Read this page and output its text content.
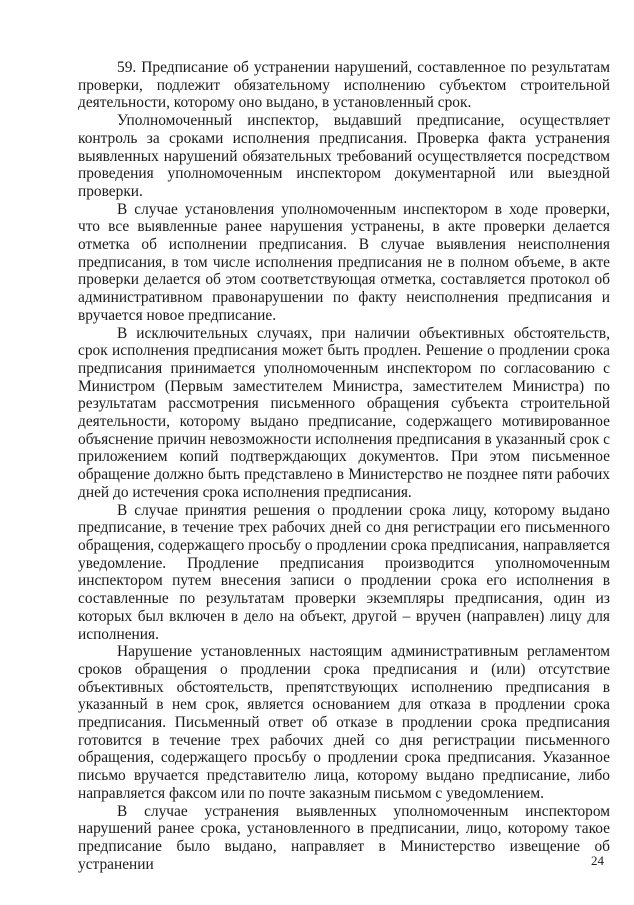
59. Предписание об устранении нарушений, составленное по результатам проверки, подлежит обязательному исполнению субъектом строительной деятельности, которому оно выдано, в установленный срок.

Уполномоченный инспектор, выдавший предписание, осуществляет контроль за сроками исполнения предписания. Проверка факта устранения выявленных нарушений обязательных требований осуществляется посредством проведения уполномоченным инспектором документарной или выездной проверки.

В случае установления уполномоченным инспектором в ходе проверки, что все выявленные ранее нарушения устранены, в акте проверки делается отметка об исполнении предписания. В случае выявления неисполнения предписания, в том числе исполнения предписания не в полном объеме, в акте проверки делается об этом соответствующая отметка, составляется протокол об административном правонарушении по факту неисполнения предписания и вручается новое предписание.

В исключительных случаях, при наличии объективных обстоятельств, срок исполнения предписания может быть продлен. Решение о продлении срока предписания принимается уполномоченным инспектором по согласованию с Министром (Первым заместителем Министра, заместителем Министра) по результатам рассмотрения письменного обращения субъекта строительной деятельности, которому выдано предписание, содержащего мотивированное объяснение причин невозможности исполнения предписания в указанный срок с приложением копий подтверждающих документов. При этом письменное обращение должно быть представлено в Министерство не позднее пяти рабочих дней до истечения срока исполнения предписания.

В случае принятия решения о продлении срока лицу, которому выдано предписание, в течение трех рабочих дней со дня регистрации его письменного обращения, содержащего просьбу о продлении срока предписания, направляется уведомление. Продление предписания производится уполномоченным инспектором путем внесения записи о продлении срока его исполнения в составленные по результатам проверки экземпляры предписания, один из которых был включен в дело на объект, другой – вручен (направлен) лицу для исполнения.

Нарушение установленных настоящим административным регламентом сроков обращения о продлении срока предписания и (или) отсутствие объективных обстоятельств, препятствующих исполнению предписания в указанный в нем срок, является основанием для отказа в продлении срока предписания. Письменный ответ об отказе в продлении срока предписания готовится в течение трех рабочих дней со дня регистрации письменного обращения, содержащего просьбу о продлении срока предписания. Указанное письмо вручается представителю лица, которому выдано предписание, либо направляется факсом или по почте заказным письмом с уведомлением.

В случае устранения выявленных уполномоченным инспектором нарушений ранее срока, установленного в предписании, лицо, которому такое предписание было выдано, направляет в Министерство извещение об устранении	24
